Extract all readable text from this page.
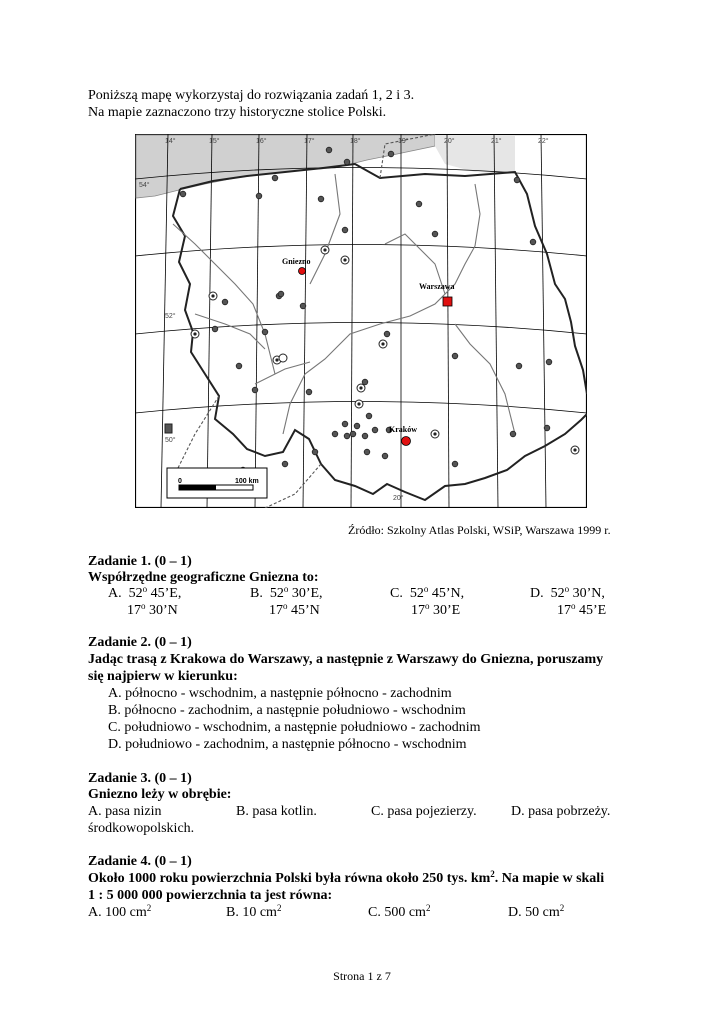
Poniższą mapę wykorzystaj do rozwiązania zadań 1, 2 i 3.
Na mapie zaznaczono trzy historyczne stolice Polski.
Gniezno
Warszawa
Kraków
14°	15°	16°	17°	18°	19°	20°	21°	22°
20°
54°
52°
50°
0	100 km
Źródło: Szkolny Atlas Polski, WSiP, Warszawa 1999 r.
Zadanie 1. (0 – 1)
Współrzędne geograficzne Gniezna to:
A. 52$^o$ 45’E,
17$^o$ 30’N
B. 52$^o$ 30’E,
17$^o$ 45’N
C. 52$^o$ 45’N,
17$^o$ 30’E
D. 52$^o$ 30’N,
17$^o$ 45’E
Zadanie 2. (0 – 1)
Jadąc trasą z Krakowa do Warszawy, a następnie z Warszawy do Gniezna, poruszamy
się najpierw w kierunku:
A. północno - wschodnim, a następnie północno - zachodnim
B. północno - zachodnim, a następnie południowo - wschodnim
C. południowo - wschodnim, a następnie południowo - zachodnim
D. południowo - zachodnim, a następnie północno - wschodnim
Zadanie 3. (0 – 1)
Gniezno leży w obrębie:
A. pasa nizin
środkowopolskich.
B. pasa kotlin.	C. pasa pojezierzy. D. pasa pobrzeży.
Zadanie 4. (0 – 1)
Około 1000 roku powierzchnia Polski była równa około 250 tys. $km^2$. Na mapie w skali
1 : 5 000 000 powierzchnia ta jest równa:
A. 100 $cm^2$	B. 10 $cm^2$	C. 500 $cm^2$	D. 50 $cm^2$
Strona 1 z 7
